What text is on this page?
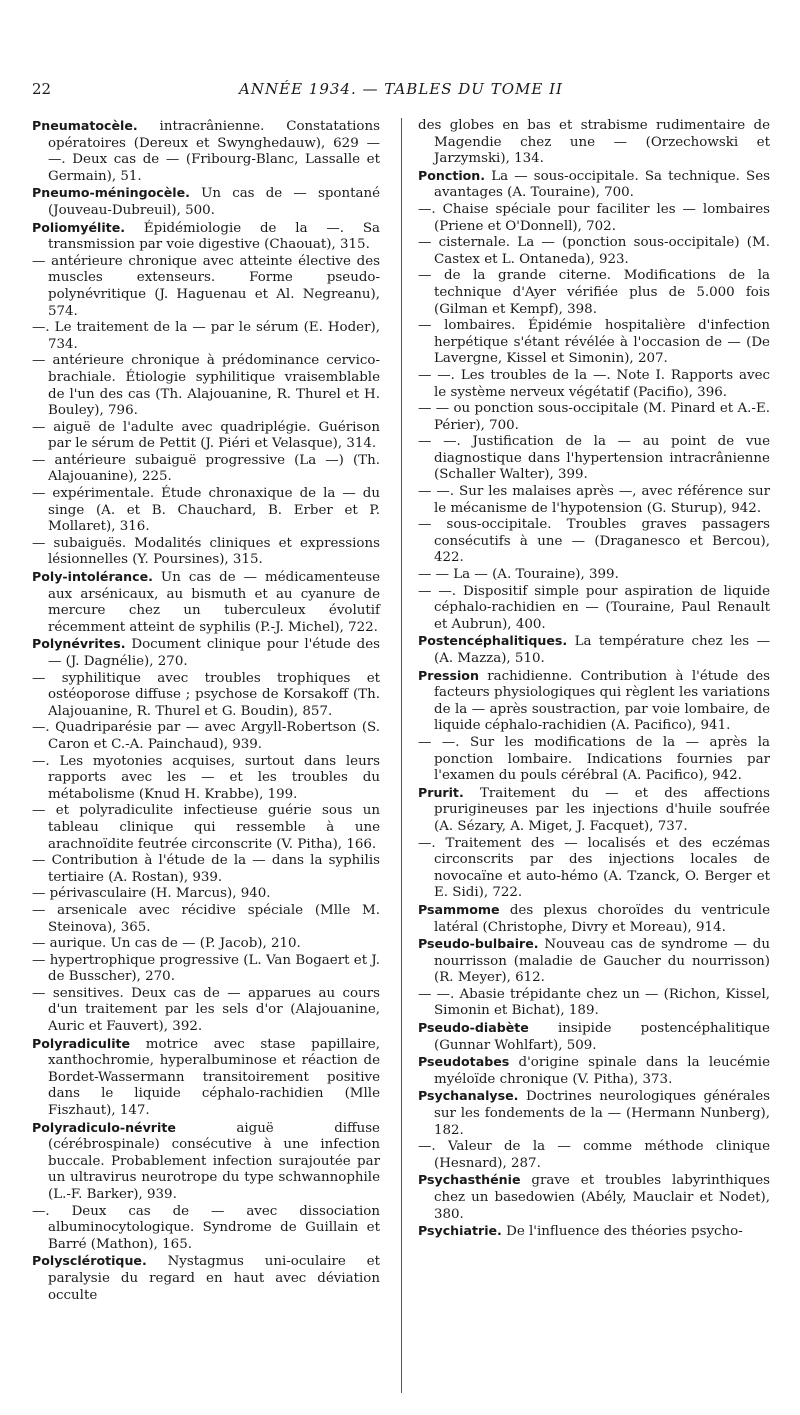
22	ANNÉE 1934. — TABLES DU TOME II

Pneumatocèle. intracrânienne. Constatations opératoires (Dereux et Swynghedauw), 629 — —. Deux cas de — (Fribourg-Blanc, Lassalle et Germain), 51.

Pneumo-méningocèle. Un cas de — spontané (Jouveau-Dubreuil), 500.

Poliomyélite. Épidémiologie de la —. Sa transmission par voie digestive (Chaouat), 315.

— antérieure chronique avec atteinte élective des muscles extenseurs. Forme pseudo-polynévritique (J. Haguenau et Al. Negreanu), 574.

—. Le traitement de la — par le sérum (E. Hoder), 734.

— antérieure chronique à prédominance cervico-brachiale. Étiologie syphilitique vraisemblable de l'un des cas (Th. Alajouanine, R. Thurel et H. Bouley), 796.

— aiguë de l'adulte avec quadriplégie. Guérison par le sérum de Pettit (J. Piéri et Velasque), 314.

— antérieure subaiguë progressive (La —) (Th. Alajouanine), 225.

— expérimentale. Étude chronaxique de la — du singe (A. et B. Chauchard, B. Erber et P. Mollaret), 316.

— subaiguës. Modalités cliniques et expressions lésionnelles (Y. Poursines), 315.

Poly-intolérance. Un cas de — médicamenteuse aux arsénicaux, au bismuth et au cyanure de mercure chez un tuberculeux évolutif récemment atteint de syphilis (P.-J. Michel), 722.

Polynévrites. Document clinique pour l'étude des — (J. Dagnélie), 270.

— syphilitique avec troubles trophiques et ostéoporose diffuse ; psychose de Korsakoff (Th. Alajouanine, R. Thurel et G. Boudin), 857.

—. Quadriparésie par — avec Argyll-Robertson (S. Caron et C.-A. Painchaud), 939.

—. Les myotonies acquises, surtout dans leurs rapports avec les — et les troubles du métabolisme (Knud H. Krabbe), 199.

— et polyradiculite infectieuse guérie sous un tableau clinique qui ressemble à une arachnoïdite feutrée circonscrite (V. Pitha), 166.

— Contribution à l'étude de la — dans la syphilis tertiaire (A. Rostan), 939.

— périvasculaire (H. Marcus), 940.

— arsenicale avec récidive spéciale (Mlle M. Steinova), 365.

— aurique. Un cas de — (P. Jacob), 210.

— hypertrophique progressive (L. Van Bogaert et J. de Busscher), 270.

— sensitives. Deux cas de — apparues au cours d'un traitement par les sels d'or (Alajouanine, Auric et Fauvert), 392.

Polyradiculite motrice avec stase papillaire, xanthochromie, hyperalbuminose et réaction de Bordet-Wassermann transitoirement positive dans le liquide céphalo-rachidien (Mlle Fiszhaut), 147.

Polyradiculo-névrite aiguë diffuse (cérébrospinale) consécutive à une infection buccale. Probablement infection surajoutée par un ultravirus neurotrope du type schwannophile (L.-F. Barker), 939.

—. Deux cas de — avec dissociation albuminocytologique. Syndrome de Guillain et Barré (Mathon), 165.

Polysclérotique. Nystagmus uni-oculaire et paralysie du regard en haut avec déviation occulte

des globes en bas et strabisme rudimentaire de Magendie chez une — (Orzechowski et Jarzymski), 134.

Ponction. La — sous-occipitale. Sa technique. Ses avantages (A. Touraine), 700.

—. Chaise spéciale pour faciliter les — lombaires (Priene et O'Donnell), 702.

— cisternale. La — (ponction sous-occipitale) (M. Castex et L. Ontaneda), 923.

— de la grande citerne. Modifications de la technique d'Ayer vérifiée plus de 5.000 fois (Gilman et Kempf), 398.

— lombaires. Épidémie hospitalière d'infection herpétique s'étant révélée à l'occasion de — (De Lavergne, Kissel et Simonin), 207.

— —. Les troubles de la —. Note I. Rapports avec le système nerveux végétatif (Pacifio), 396.

— — ou ponction sous-occipitale (M. Pinard et A.-E. Périer), 700.

— —. Justification de la — au point de vue diagnostique dans l'hypertension intracrânienne (Schaller Walter), 399.

— —. Sur les malaises après —, avec référence sur le mécanisme de l'hypotension (G. Sturup), 942.

— sous-occipitale. Troubles graves passagers consécutifs à une — (Draganesco et Bercou), 422.

— — La — (A. Touraine), 399.

— —. Dispositif simple pour aspiration de liquide céphalo-rachidien en — (Touraine, Paul Renault et Aubrun), 400.

Postencéphalitiques. La température chez les — (A. Mazza), 510.

Pression rachidienne. Contribution à l'étude des facteurs physiologiques qui règlent les variations de la — après soustraction, par voie lombaire, de liquide céphalo-rachidien (A. Pacifico), 941.

— —. Sur les modifications de la — après la ponction lombaire. Indications fournies par l'examen du pouls cérébral (A. Pacifico), 942.

Prurit. Traitement du — et des affections prurigineuses par les injections d'huile soufrée (A. Sézary, A. Miget, J. Facquet), 737.

—. Traitement des — localisés et des eczémas circonscrits par des injections locales de novocaïne et auto-hémo (A. Tzanck, O. Berger et E. Sidi), 722.

Psammome des plexus choroïdes du ventricule latéral (Christophe, Divry et Moreau), 914.

Pseudo-bulbaire. Nouveau cas de syndrome — du nourrisson (maladie de Gaucher du nourrisson) (R. Meyer), 612.

— —. Abasie trépidante chez un — (Richon, Kissel, Simonin et Bichat), 189.

Pseudo-diabète insipide postencéphalitique (Gunnar Wohlfart), 509.

Pseudotabes d'origine spinale dans la leucémie myéloïde chronique (V. Pitha), 373.

Psychanalyse. Doctrines neurologiques générales sur les fondements de la — (Hermann Nunberg), 182.

—. Valeur de la — comme méthode clinique (Hesnard), 287.

Psychasthénie grave et troubles labyrinthiques chez un basedowien (Abély, Mauclair et Nodet), 380.

Psychiatrie. De l'influence des théories psycho-
